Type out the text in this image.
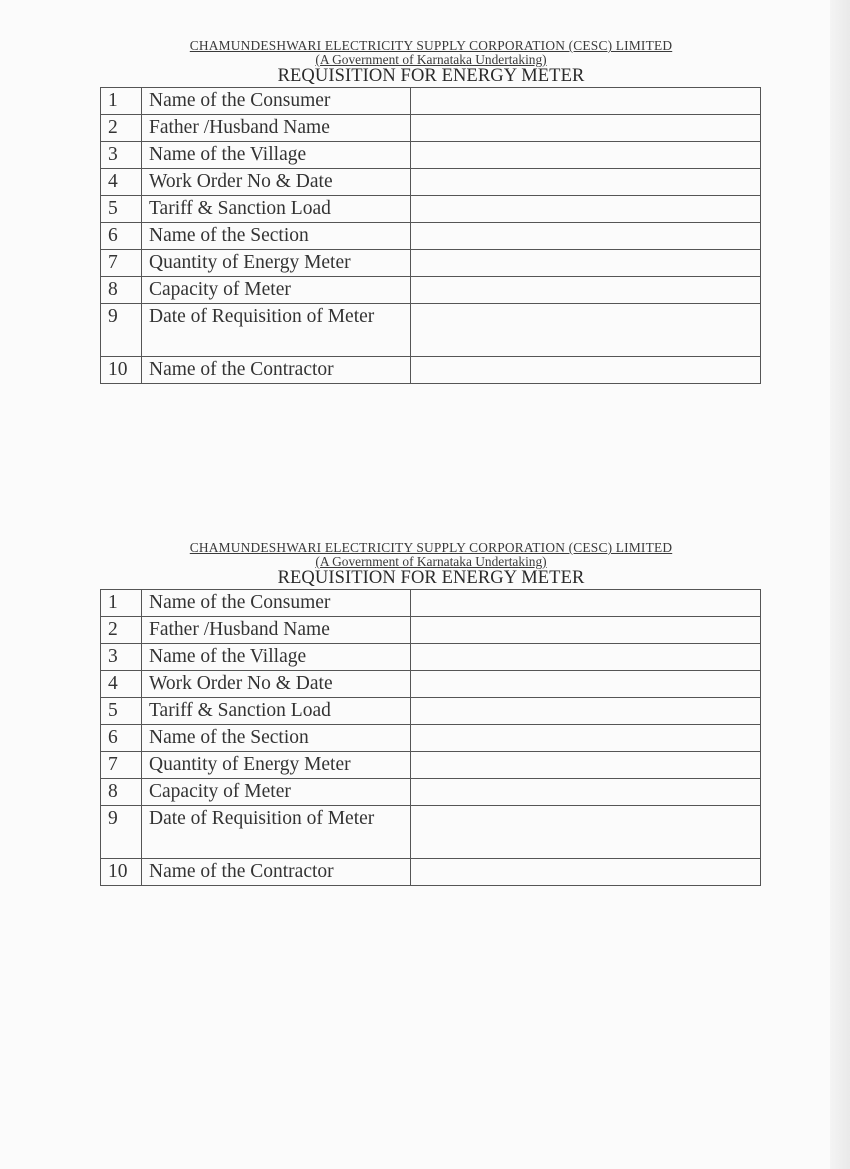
CHAMUNDESHWARI ELECTRICITY SUPPLY CORPORATION (CESC) LIMITED
(A Government of Karnataka Undertaking)
REQUISITION FOR ENERGY METER
1	Name of the Consumer	
2	Father /Husband Name	
3	Name of the Village	
4	Work Order No & Date	
5	Tariff & Sanction Load	
6	Name of the Section	
7	Quantity of Energy Meter	
8	Capacity of Meter	
9	Date of Requisition of Meter	
10	Name of the Contractor	
CHAMUNDESHWARI ELECTRICITY SUPPLY CORPORATION (CESC) LIMITED
(A Government of Karnataka Undertaking)
REQUISITION FOR ENERGY METER
1	Name of the Consumer	
2	Father /Husband Name	
3	Name of the Village	
4	Work Order No & Date	
5	Tariff & Sanction Load	
6	Name of the Section	
7	Quantity of Energy Meter	
8	Capacity of Meter	
9	Date of Requisition of Meter	
10	Name of the Contractor	
